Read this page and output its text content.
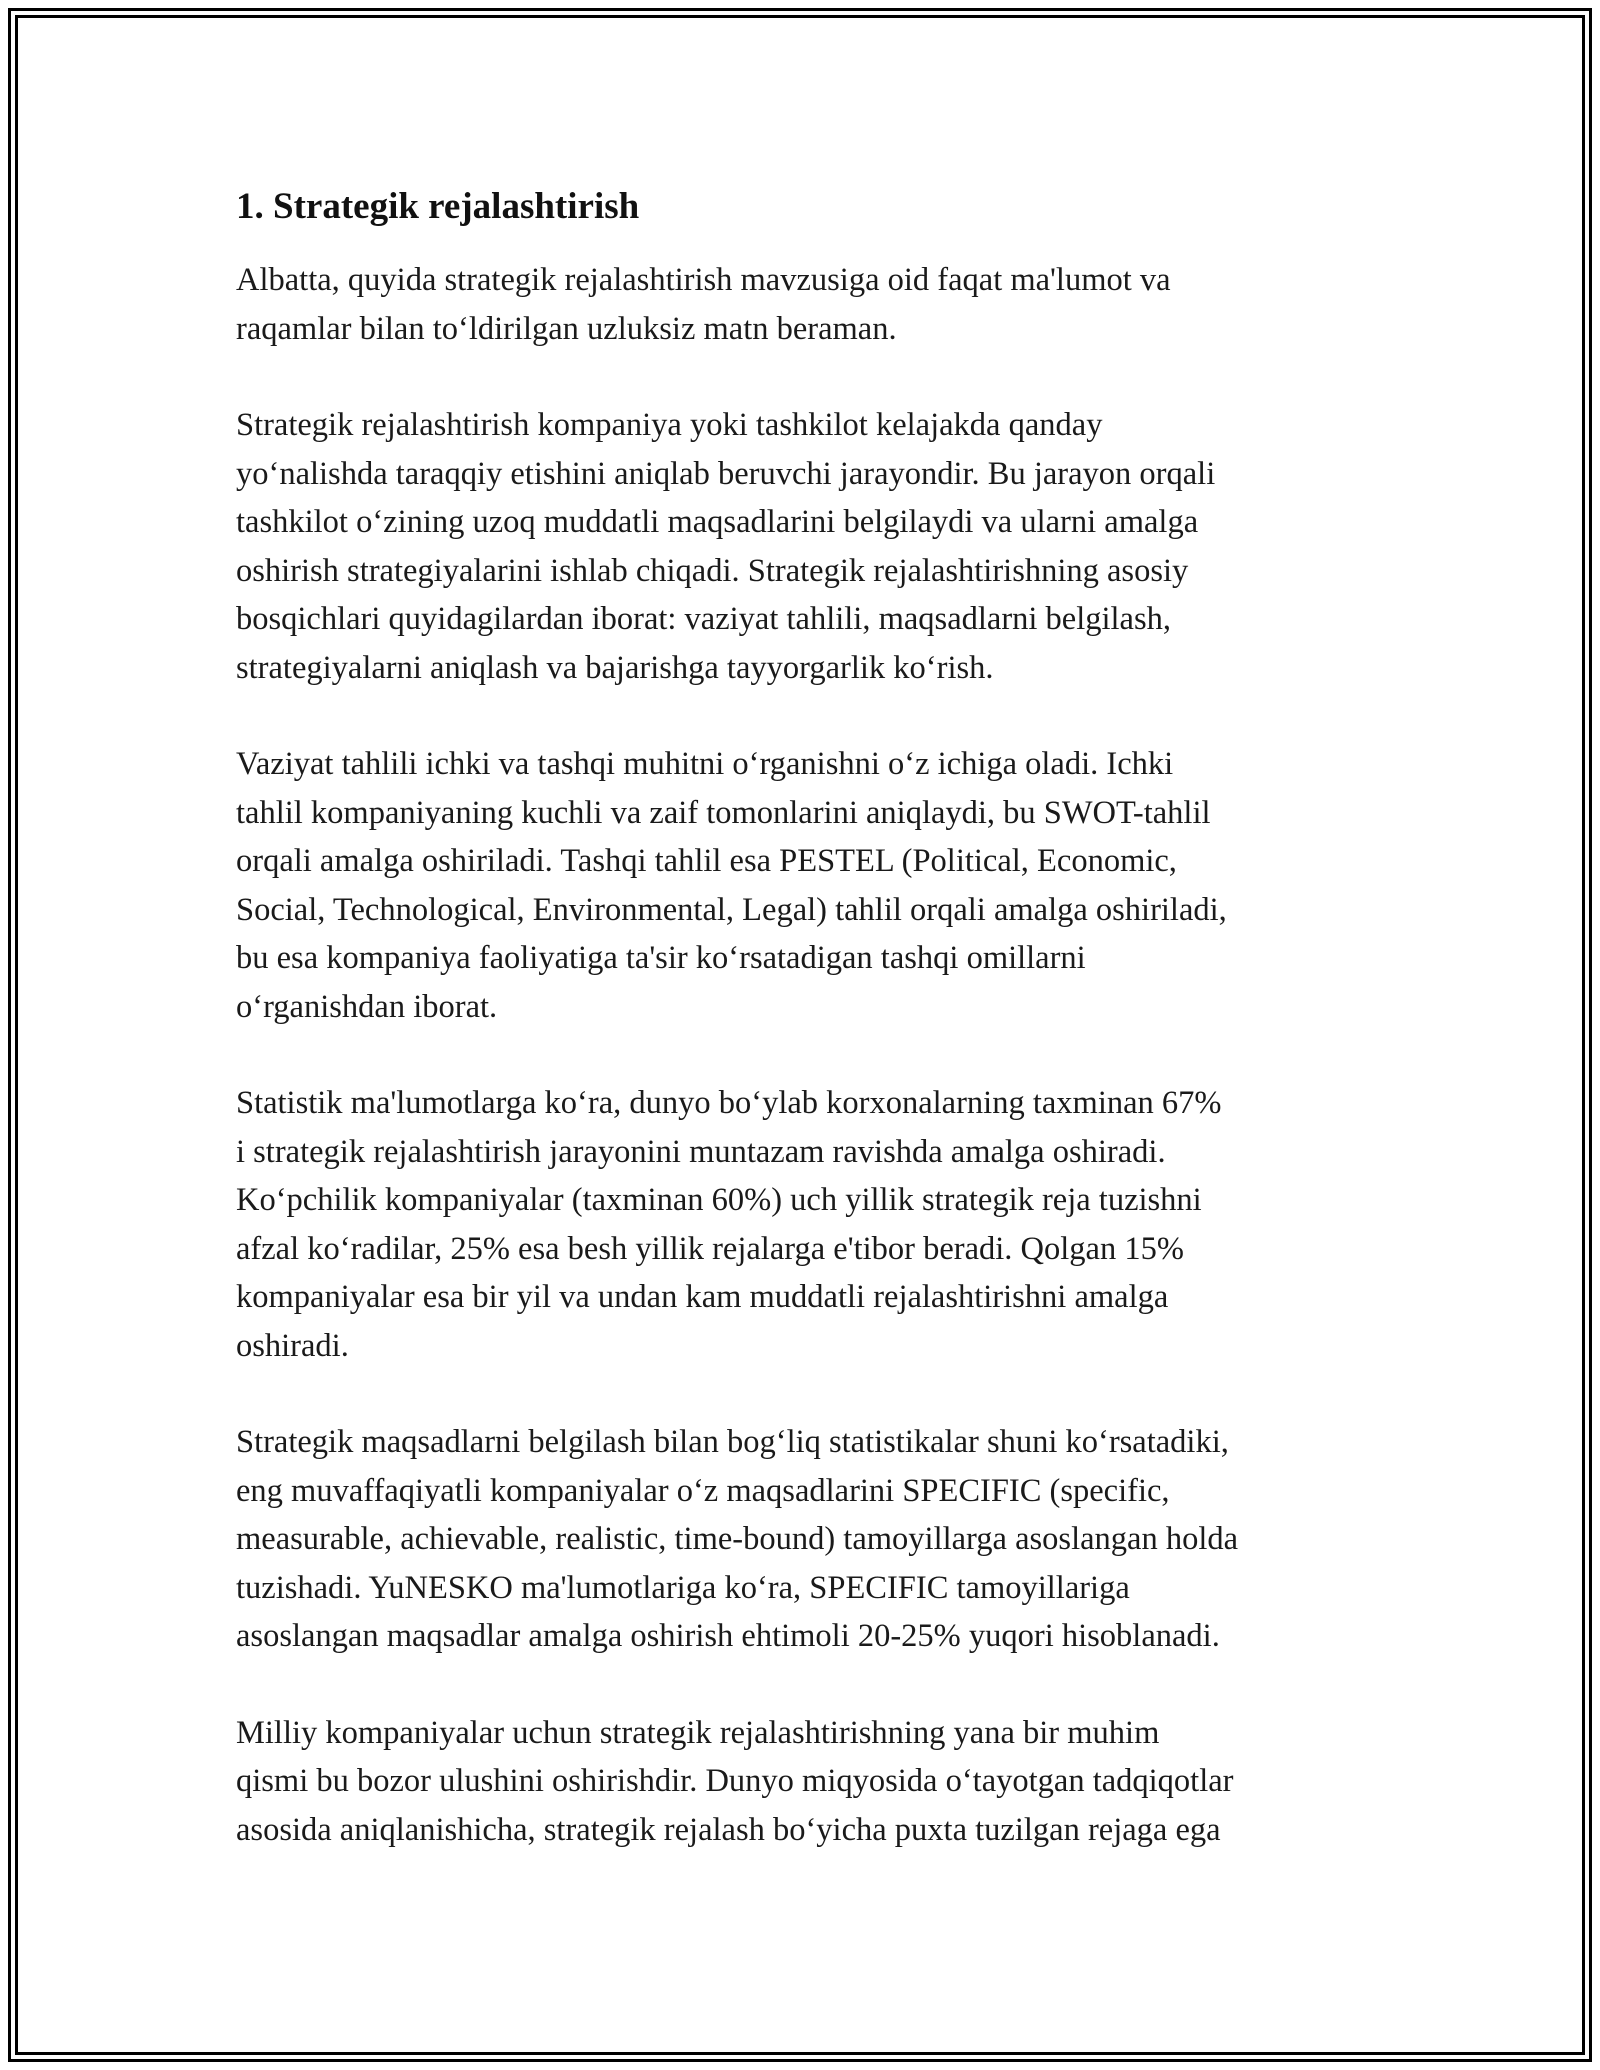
1. Strategik rejalashtirish

Albatta, quyida strategik rejalashtirish mavzusiga oid faqat ma'lumot va
raqamlar bilan to‘ldirilgan uzluksiz matn beraman.

Strategik rejalashtirish kompaniya yoki tashkilot kelajakda qanday
yo‘nalishda taraqqiy etishini aniqlab beruvchi jarayondir. Bu jarayon orqali
tashkilot o‘zining uzoq muddatli maqsadlarini belgilaydi va ularni amalga
oshirish strategiyalarini ishlab chiqadi. Strategik rejalashtirishning asosiy
bosqichlari quyidagilardan iborat: vaziyat tahlili, maqsadlarni belgilash,
strategiyalarni aniqlash va bajarishga tayyorgarlik ko‘rish.

Vaziyat tahlili ichki va tashqi muhitni o‘rganishni o‘z ichiga oladi. Ichki
tahlil kompaniyaning kuchli va zaif tomonlarini aniqlaydi, bu SWOT-tahlil
orqali amalga oshiriladi. Tashqi tahlil esa PESTEL (Political, Economic,
Social, Technological, Environmental, Legal) tahlil orqali amalga oshiriladi,
bu esa kompaniya faoliyatiga ta'sir ko‘rsatadigan tashqi omillarni
o‘rganishdan iborat.

Statistik ma'lumotlarga ko‘ra, dunyo bo‘ylab korxonalarning taxminan 67%
i strategik rejalashtirish jarayonini muntazam ravishda amalga oshiradi.
Ko‘pchilik kompaniyalar (taxminan 60%) uch yillik strategik reja tuzishni
afzal ko‘radilar, 25% esa besh yillik rejalarga e'tibor beradi. Qolgan 15%
kompaniyalar esa bir yil va undan kam muddatli rejalashtirishni amalga
oshiradi.

Strategik maqsadlarni belgilash bilan bog‘liq statistikalar shuni ko‘rsatadiki,
eng muvaffaqiyatli kompaniyalar o‘z maqsadlarini SPECIFIC (specific,
measurable, achievable, realistic, time-bound) tamoyillarga asoslangan holda
tuzishadi. YuNESKO ma'lumotlariga ko‘ra, SPECIFIC tamoyillariga
asoslangan maqsadlar amalga oshirish ehtimoli 20-25% yuqori hisoblanadi.

Milliy kompaniyalar uchun strategik rejalashtirishning yana bir muhim
qismi bu bozor ulushini oshirishdir. Dunyo miqyosida o‘tayotgan tadqiqotlar
asosida aniqlanishicha, strategik rejalash bo‘yicha puxta tuzilgan rejaga ega
